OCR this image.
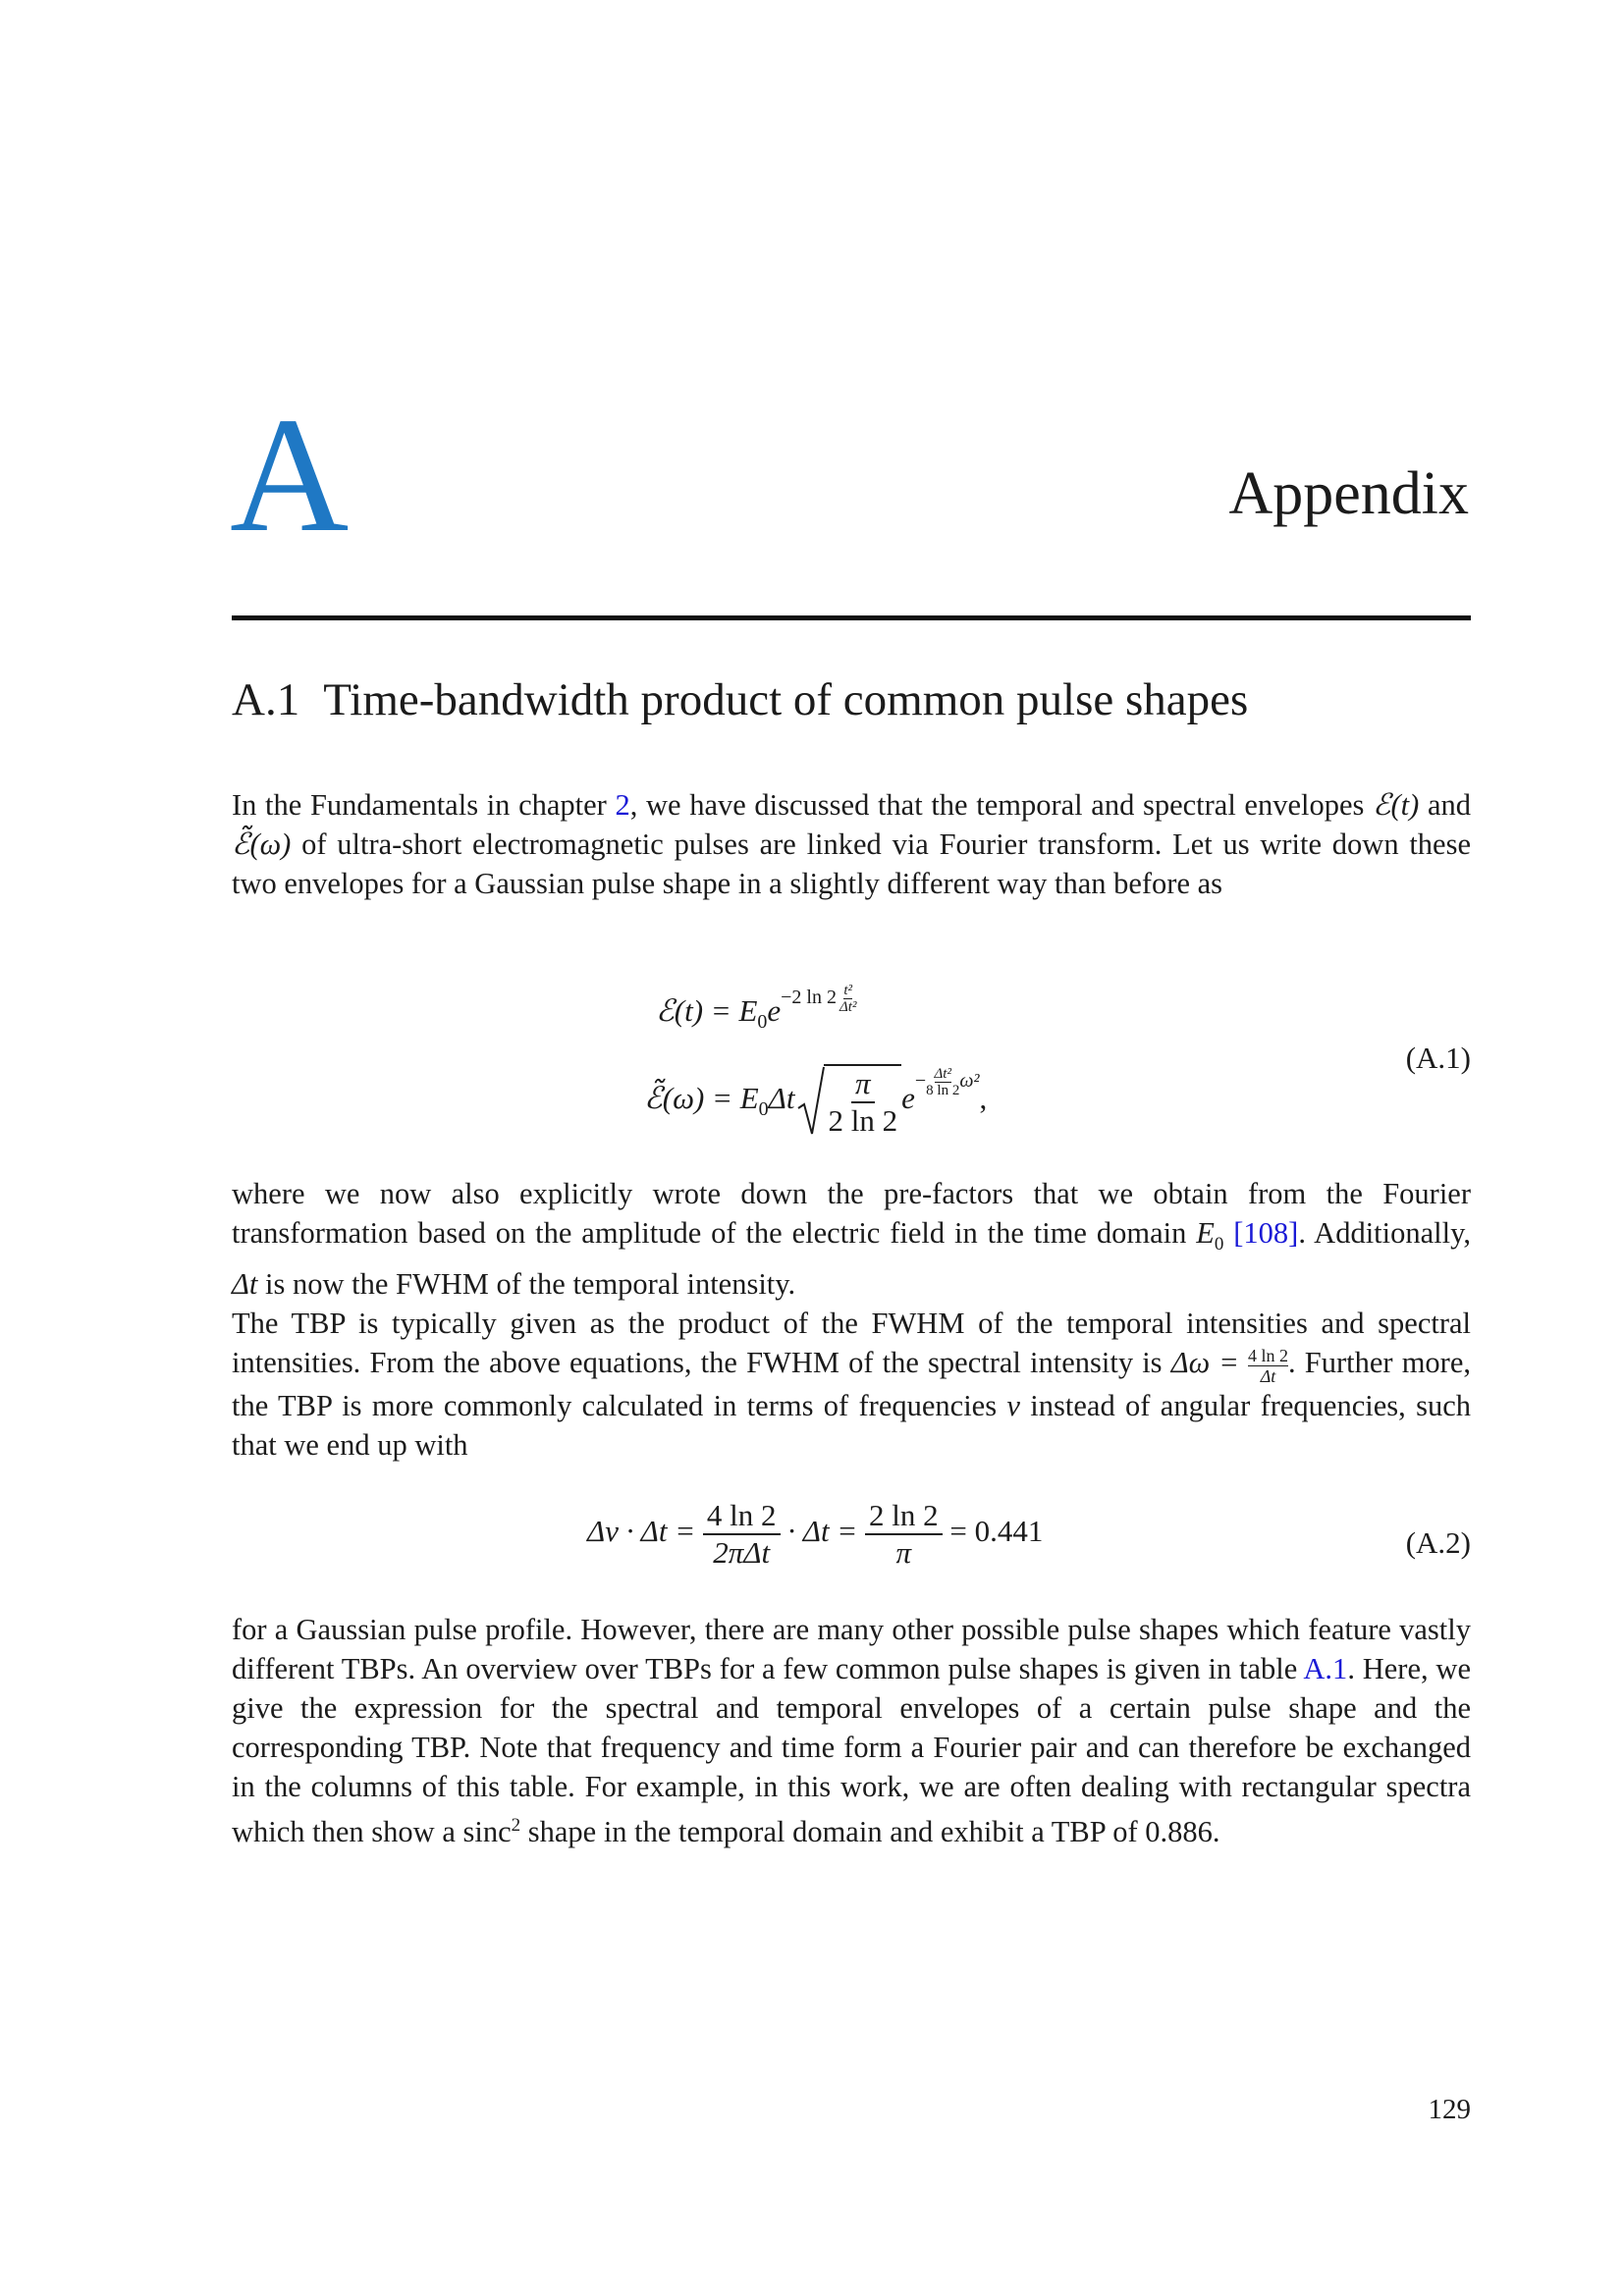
A	Appendix
A.1 Time-bandwidth product of common pulse shapes
In the Fundamentals in chapter 2, we have discussed that the temporal and spectral envelopes ℰ(t) and ℰ̃(ω) of ultra-short electromagnetic pulses are linked via Fourier transform. Let us write down these two envelopes for a Gaussian pulse shape in a slightly different way than before as
ℰ(t) = $E_0e^{-2 ln 2 \frac{\text{t²}}{\text{Δt²}}}$
ℰ̃(ω) = $E_0\Delta t \frac{\pi}{2 \ln 2} e^{- \frac{\text{Δt²}}{8 \ln 2} \omega^2}$,
(A.1)
where we now also explicitly wrote down the pre-factors that we obtain from the Fourier transformation based on the amplitude of the electric field in the time domain $E_0$ [108]. Additionally, Δt is now the FWHM of the temporal intensity.
The TBP is typically given as the product of the FWHM of the temporal intensities and spectral intensities. From the above equations, the FWHM of the spectral intensity is $\Delta\omega = \frac{4 \ln 2}{\Delta t}$ . Further more, the TBP is more commonly calculated in terms of frequencies ν instead of angular frequencies, such that we end up with
$\Delta\nu \cdot \Delta t = \frac{4 \ln 2}{\text{2πΔt}} \cdot \Delta t = \frac{2 \ln 2}{\pi} = 0.441$	(A.2)
for a Gaussian pulse profile. However, there are many other possible pulse shapes which feature vastly different TBPs. An overview over TBPs for a few common pulse shapes is given in table A.1. Here, we give the expression for the spectral and temporal envelopes of a certain pulse shape and the corresponding TBP. Note that frequency and time form a Fourier pair and can therefore be exchanged in the columns of this table. For example, in this work, we are often dealing with rectangular spectra which then show a sinc$^2$ shape in the temporal domain and exhibit a TBP of 0.886.
129
